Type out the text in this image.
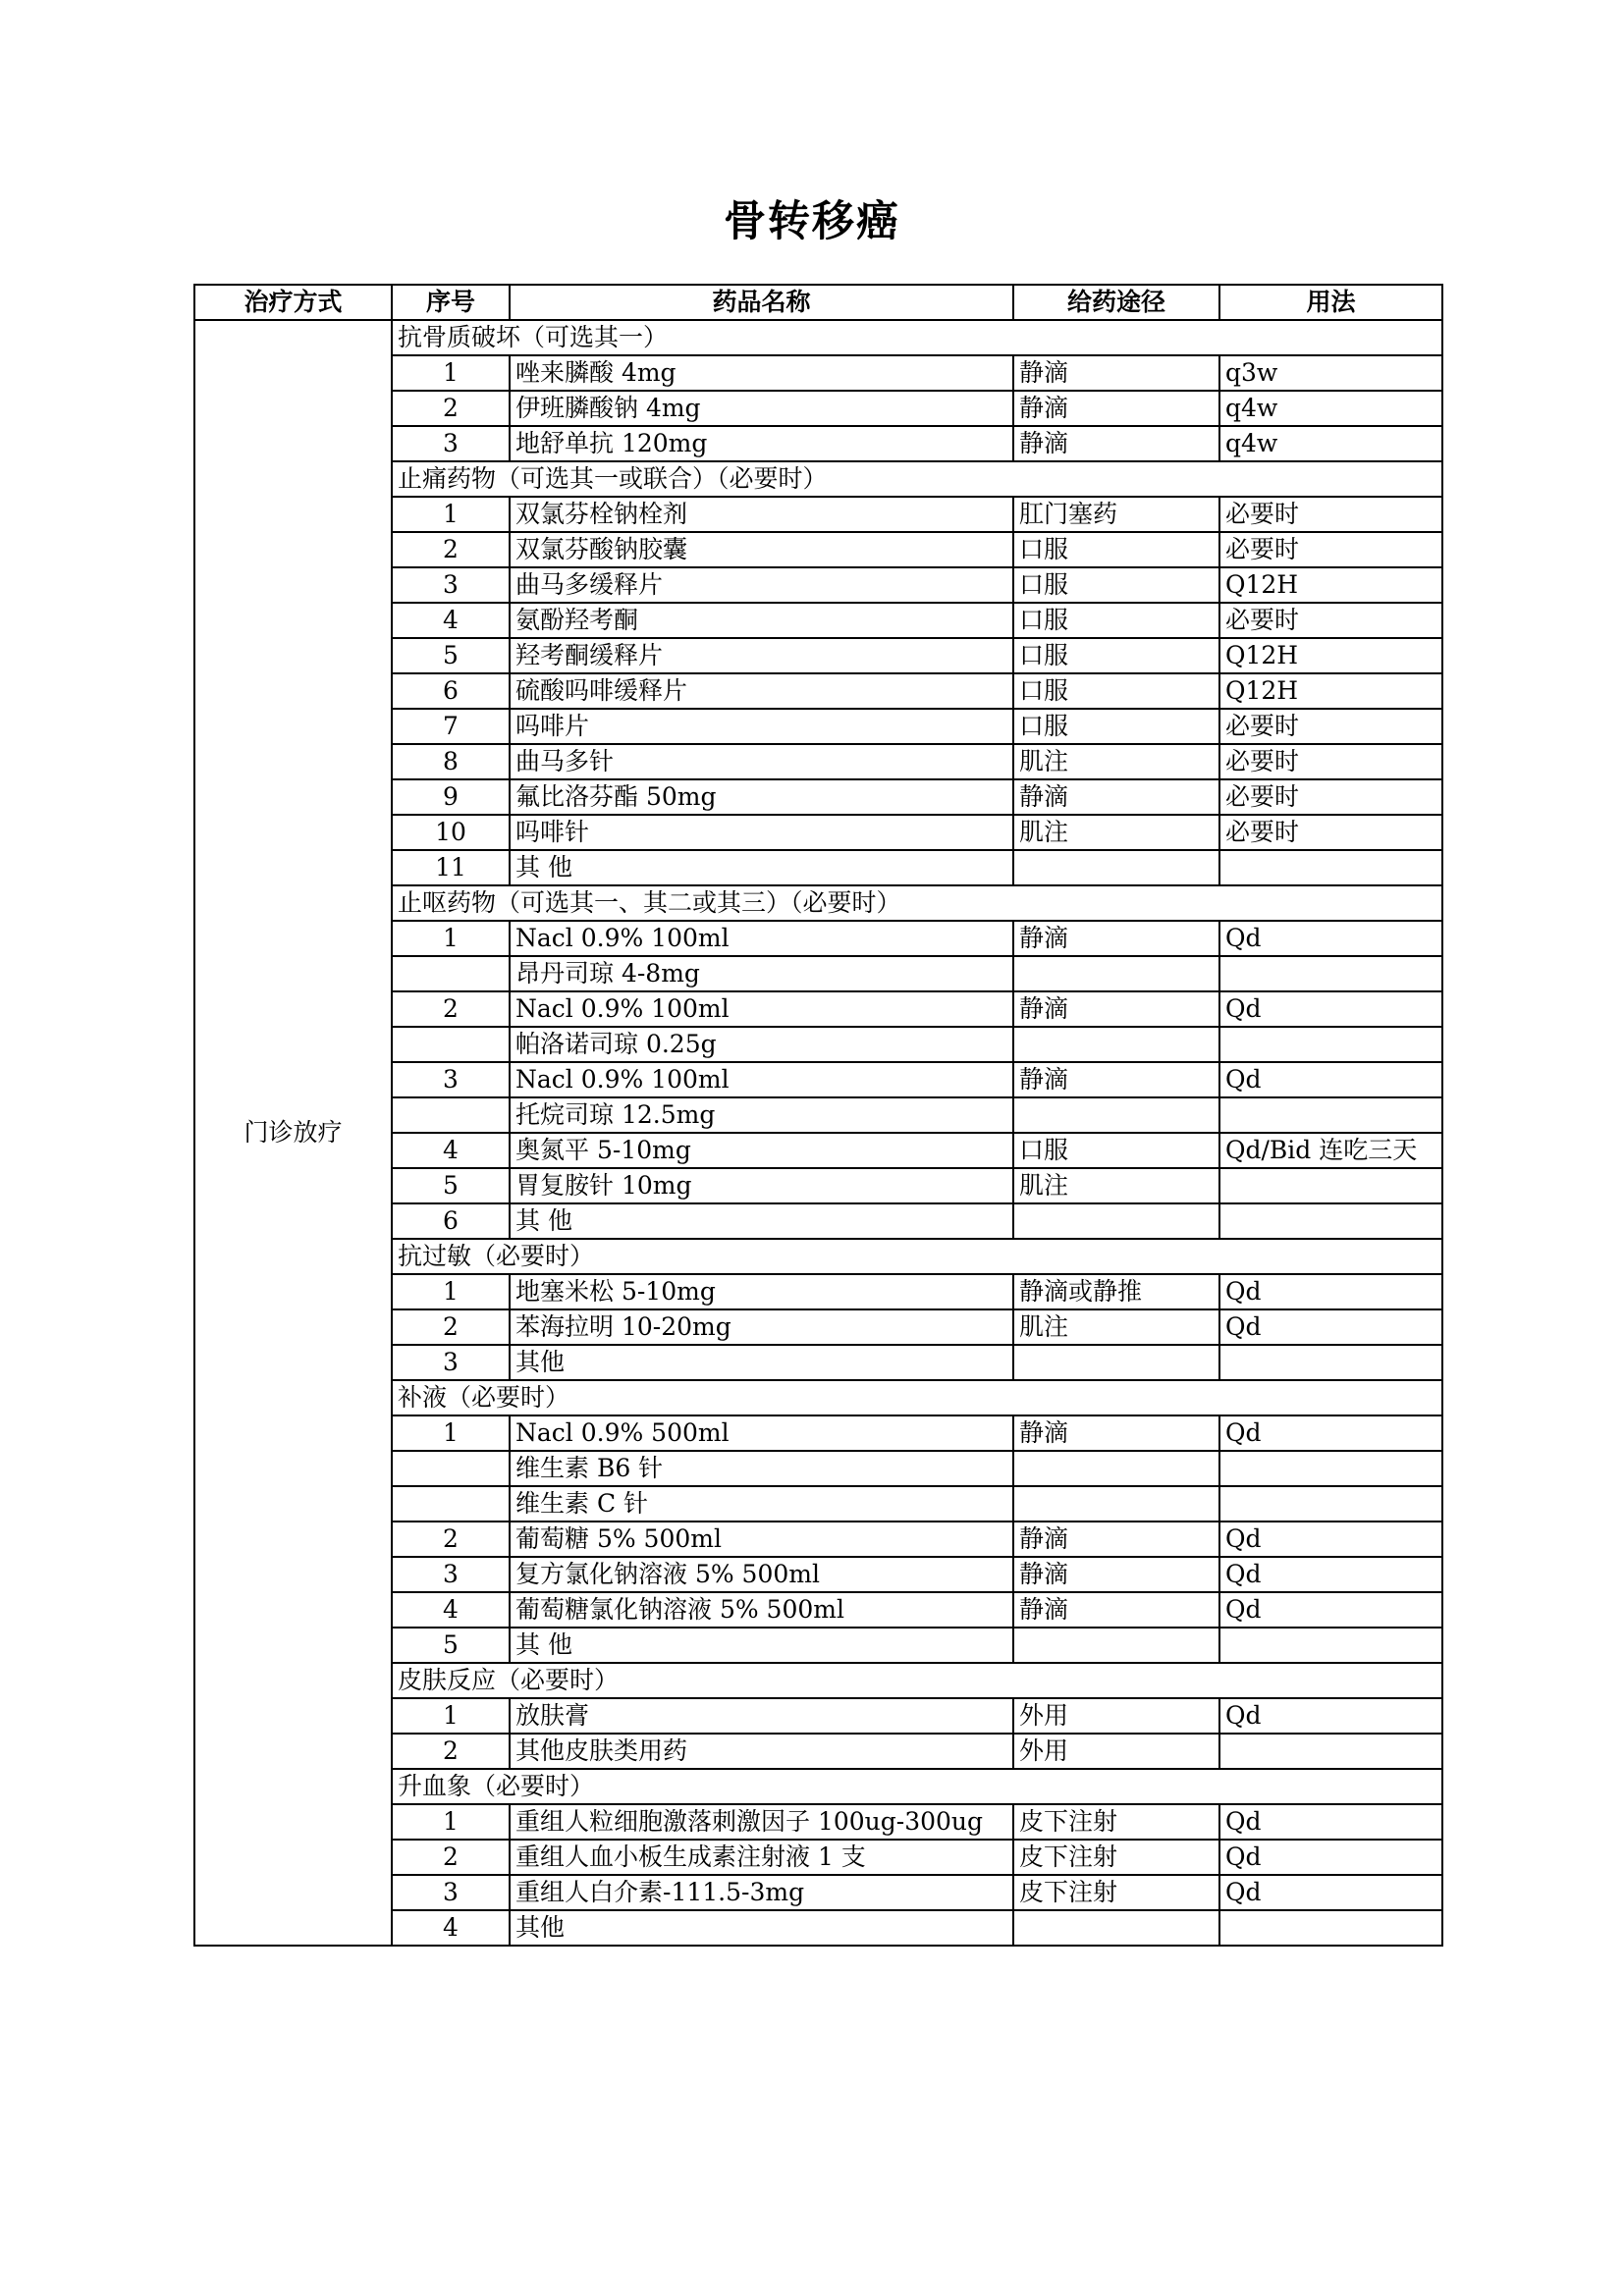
骨转移癌
治疗方式	序号	药品名称	给药途径	用法
门诊放疗	抗骨质破坏（可选其一）			
	1	唑来膦酸 4mg	静滴	q3w
	2	伊班膦酸钠 4mg	静滴	q4w
	3	地舒单抗 120mg	静滴	q4w
	止痛药物（可选其一或联合）（必要时）			
	1	双氯芬栓钠栓剂	肛门塞药	必要时
	2	双氯芬酸钠胶囊	口服	必要时
	3	曲马多缓释片	口服	Q12H
	4	氨酚羟考酮	口服	必要时
	5	羟考酮缓释片	口服	Q12H
	6	硫酸吗啡缓释片	口服	Q12H
	7	吗啡片	口服	必要时
	8	曲马多针	肌注	必要时
	9	氟比洛芬酯 50mg	静滴	必要时
	10	吗啡针	肌注	必要时
	11	其 他		
	止呕药物（可选其一、其二或其三）（必要时）			
	1	Nacl 0.9% 100ml	静滴	Qd
		昂丹司琼 4-8mg		
	2	Nacl 0.9% 100ml	静滴	Qd
		帕洛诺司琼 0.25g		
	3	Nacl 0.9% 100ml	静滴	Qd
		托烷司琼 12.5mg		
	4	奥氮平 5-10mg	口服	Qd/Bid 连吃三天
	5	胃复胺针 10mg	肌注	
	6	其 他		
	抗过敏（必要时）			
	1	地塞米松 5-10mg	静滴或静推	Qd
	2	苯海拉明 10-20mg	肌注	Qd
	3	其他		
	补液（必要时）			
	1	Nacl 0.9% 500ml	静滴	Qd
		维生素 B6 针		
		维生素 C 针		
	2	葡萄糖 5% 500ml	静滴	Qd
	3	复方氯化钠溶液 5% 500ml	静滴	Qd
	4	葡萄糖氯化钠溶液 5% 500ml	静滴	Qd
	5	其 他		
	皮肤反应（必要时）			
	1	放肤膏	外用	Qd
	2	其他皮肤类用药	外用	
	升血象（必要时）			
	1	重组人粒细胞激落刺激因子 100ug-300ug	皮下注射	Qd
	2	重组人血小板生成素注射液 1 支	皮下注射	Qd
	3	重组人白介素-111.5-3mg	皮下注射	Qd
	4	其他		
